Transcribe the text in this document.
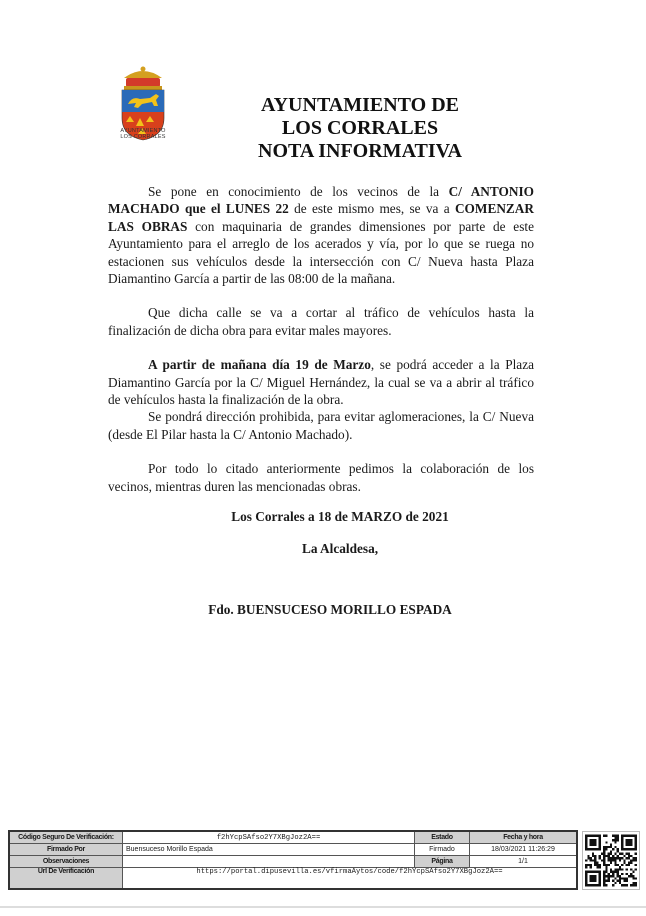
AYUNTAMIENTO
LOS CORRALES
AYUNTAMIENTO DE
LOS CORRALES
NOTA INFORMATIVA

Se pone en conocimiento de los vecinos de la C/ ANTONIO MACHADO que el LUNES 22 de este mismo mes, se va a COMENZAR LAS OBRAS con maquinaria de grandes dimensiones por parte de este Ayuntamiento para el arreglo de los acerados y vía, por lo que se ruega no estacionen sus vehículos desde la intersección con C/ Nueva hasta Plaza Diamantino García a partir de las 08:00 de la mañana.

Que dicha calle se va a cortar al tráfico de vehículos hasta la finalización de dicha obra para evitar males mayores.

A partir de mañana día 19 de Marzo, se podrá acceder a la Plaza Diamantino García por la C/ Miguel Hernández, la cual se va a abrir al tráfico de vehículos hasta la finalización de la obra.

Se pondrá dirección prohibida, para evitar aglomeraciones, la C/ Nueva (desde El Pilar hasta la C/ Antonio Machado).

Por todo lo citado anteriormente pedimos la colaboración de los vecinos, mientras duren las mencionadas obras.

Los Corrales a 18 de MARZO de 2021
La Alcaldesa,
Fdo. BUENSUCESO MORILLO ESPADA
Código Seguro De Verificación:	f2hYcpSAfso2Y7XBgJoz2A==	Estado	Fecha y hora
Firmado Por	Buensuceso Morillo Espada	Firmado	18/03/2021 11:26:29
Observaciones		Página	1/1
Url De Verificación	https://portal.dipusevilla.es/vfirmaAytos/code/f2hYcpSAfso2Y7XBgJoz2A==		
